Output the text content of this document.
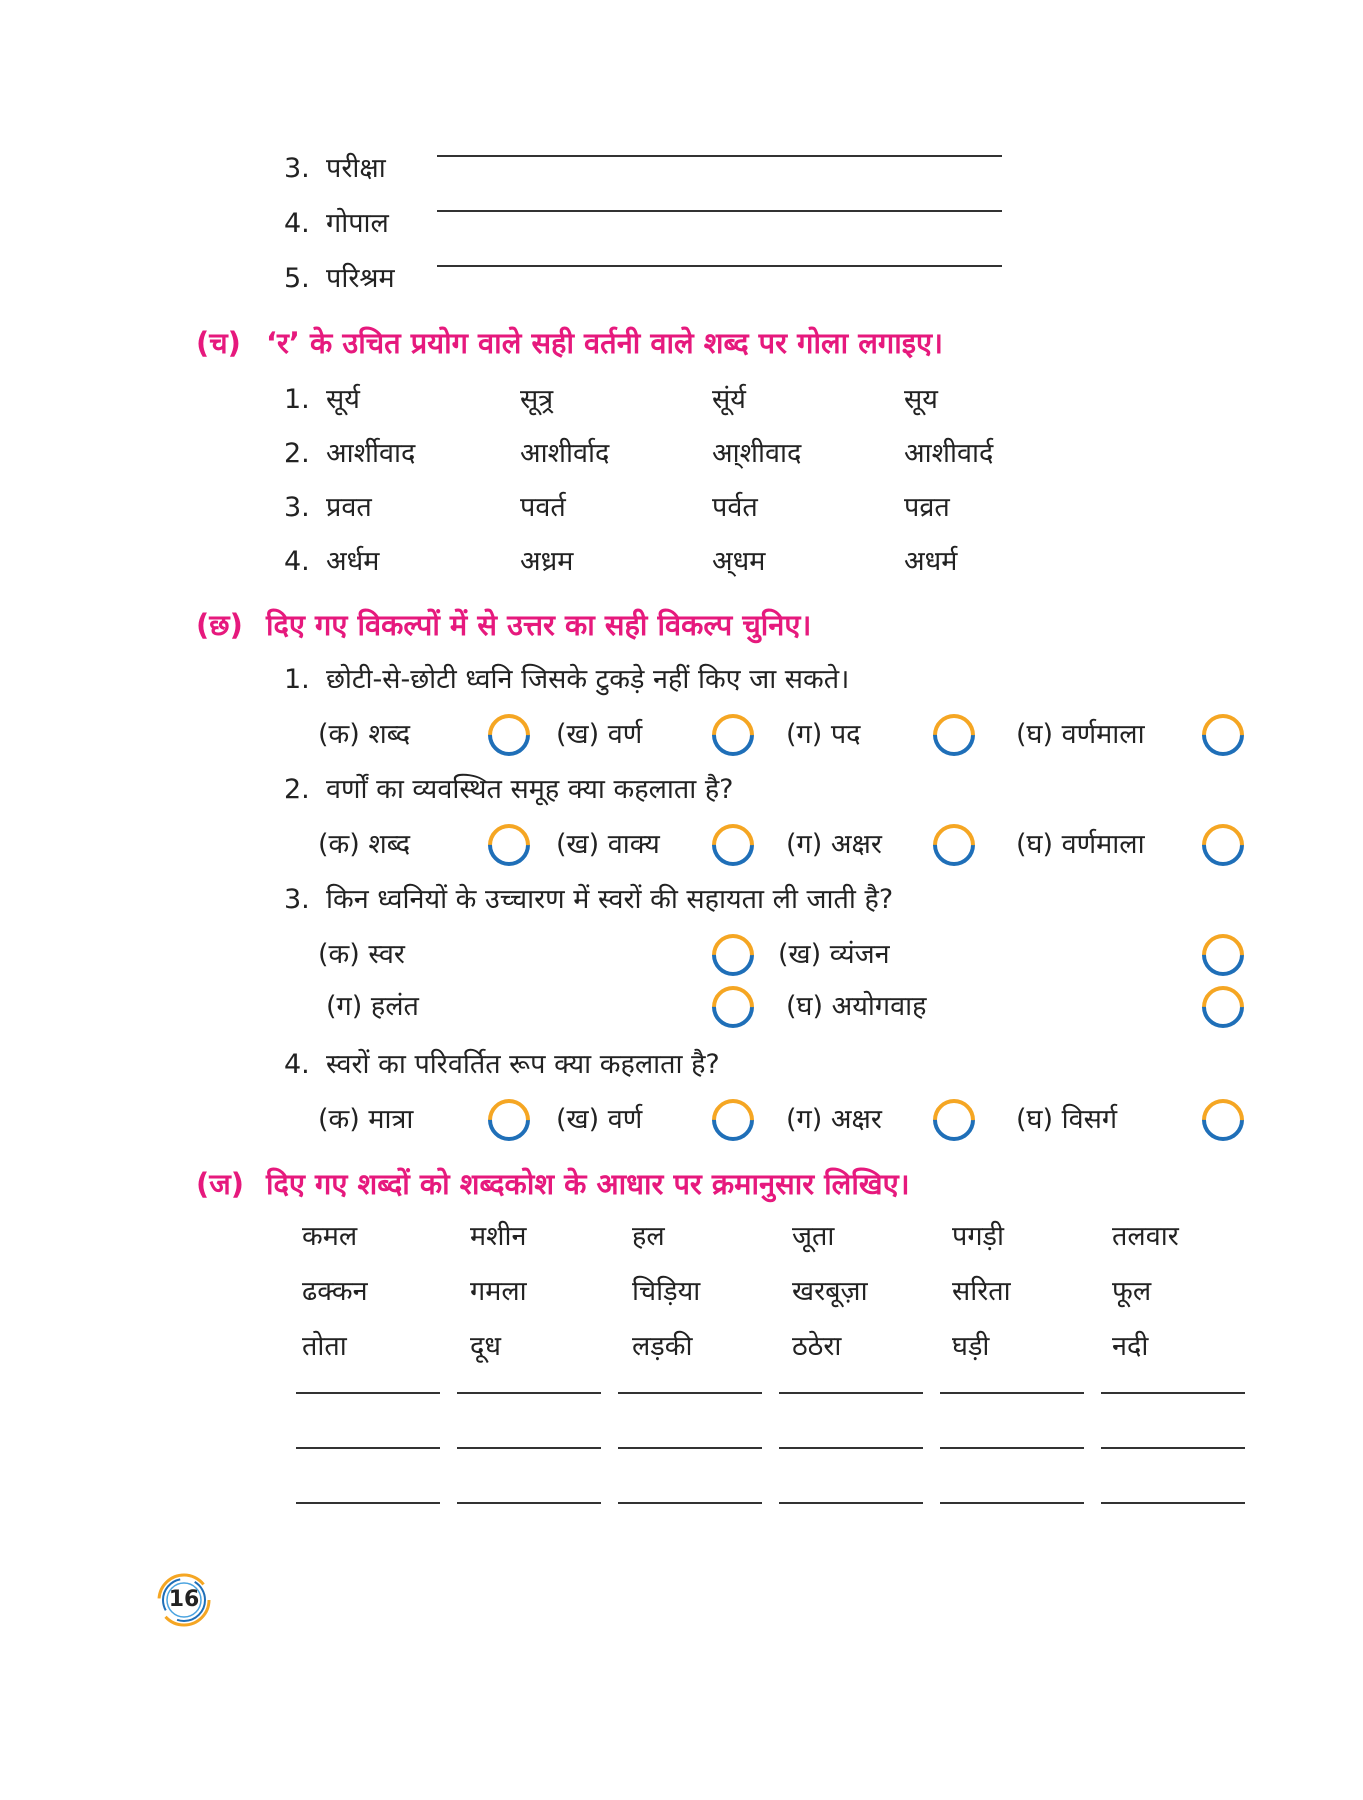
3. परीक्षा
4. गोपाल
5. परिश्रम
(च) ‘र’ के उचित प्रयोग वाले सही वर्तनी वाले शब्द पर गोला लगाइए।
1. सूर्य	सूत्र्र	सूंर्य	सूय
2. आर्शीवाद	आशीर्वाद	आ्शीवाद	आशीवार्द
3. प्रवत	पवर्त	पर्वत	पव्रत
4. अर्धम	अध्रम	अ्धम	अधर्म
(छ) दिए गए विकल्पों में से उत्तर का सही विकल्प चुनिए।
1. छोटी-से-छोटी ध्वनि जिसके टुकड़े नहीं किए जा सकते।
(क) शब्द	(ख) वर्ण	(ग) पद	(घ) वर्णमाला
2. वर्णों का व्यवस्थित समूह क्या कहलाता है?
(क) शब्द	(ख) वाक्य	(ग) अक्षर	(घ) वर्णमाला
3. किन ध्वनियों के उच्चारण में स्वरों की सहायता ली जाती है?
(क) स्वर	(ख) व्यंजन
(ग) हलंत	(घ) अयोगवाह
4. स्वरों का परिवर्तित रूप क्या कहलाता है?
(क) मात्रा	(ख) वर्ण	(ग) अक्षर	(घ) विसर्ग
(ज) दिए गए शब्दों को शब्दकोश के आधार पर क्रमानुसार लिखिए।
कमल	मशीन	हल	जूता	पगड़ी	तलवार
ढक्कन	गमला	चिड़िया	खरबूज़ा	सरिता	फूल
तोता	दूध	लड़की	ठठेरा	घड़ी	नदी
16
